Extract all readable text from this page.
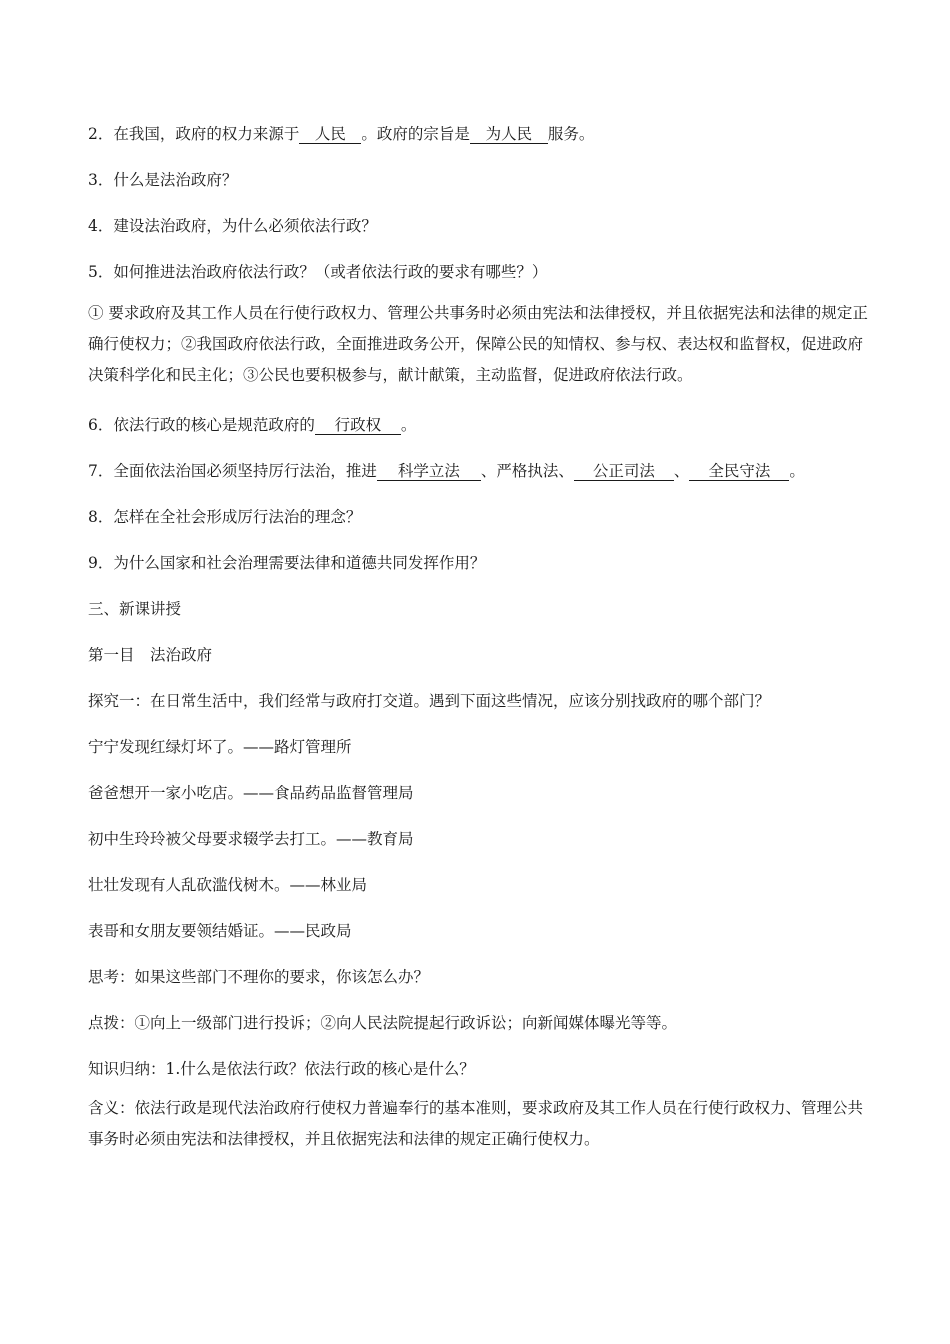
2．在我国，政府的权力来源于 人民 。政府的宗旨是 为人民 服务。

3．什么是法治政府？

4．建设法治政府，为什么必须依法行政？

5．如何推进法治政府依法行政？（或者依法行政的要求有哪些？）

① 要求政府及其工作人员在行使行政权力、管理公共事务时必须由宪法和法律授权，并且依据宪法和法律的规定正确行使权力；②我国政府依法行政，全面推进政务公开，保障公民的知情权、参与权、表达权和监督权，促进政府决策科学化和民主化；③公民也要积极参与，献计献策，主动监督，促进政府依法行政。

6．依法行政的核心是规范政府的 行政权 。

7．全面依法治国必须坚持厉行法治，推进 科学立法 、严格执法、 公正司法 、 全民守法 。

8．怎样在全社会形成厉行法治的理念？

9．为什么国家和社会治理需要法律和道德共同发挥作用？

三、新课讲授

第一目　法治政府

探究一：在日常生活中，我们经常与政府打交道。遇到下面这些情况，应该分别找政府的哪个部门？

宁宁发现红绿灯坏了。——路灯管理所

爸爸想开一家小吃店。——食品药品监督管理局

初中生玲玲被父母要求辍学去打工。——教育局

壮壮发现有人乱砍滥伐树木。——林业局

表哥和女朋友要领结婚证。——民政局

思考：如果这些部门不理你的要求，你该怎么办？

点拨：①向上一级部门进行投诉；②向人民法院提起行政诉讼；向新闻媒体曝光等等。

知识归纳：1.什么是依法行政？依法行政的核心是什么？

含义：依法行政是现代法治政府行使权力普遍奉行的基本准则，要求政府及其工作人员在行使行政权力、管理公共事务时必须由宪法和法律授权，并且依据宪法和法律的规定正确行使权力。
